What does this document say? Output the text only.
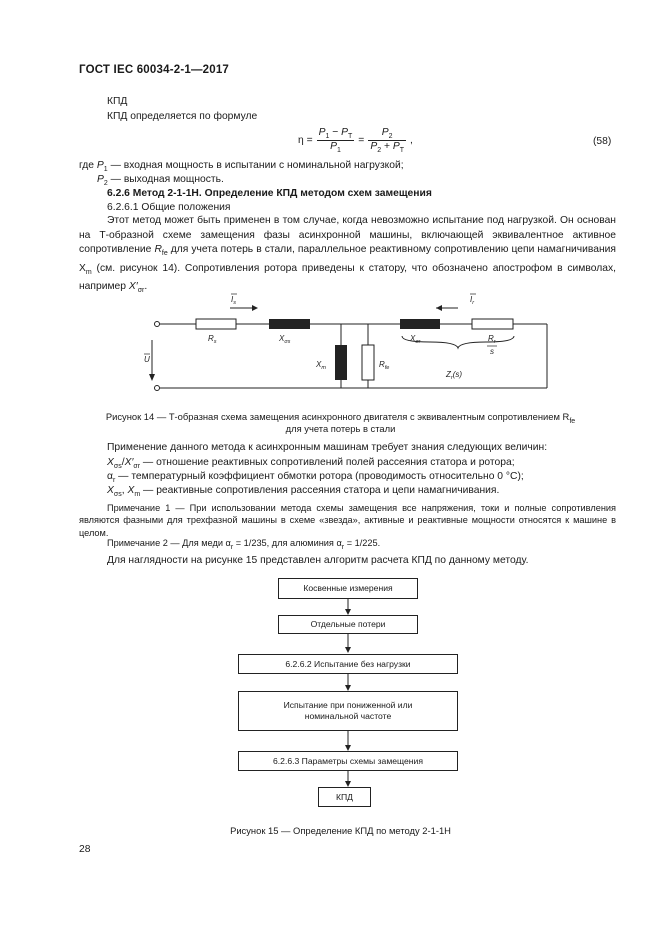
ГОСТ IEC 60034-2-1—2017
КПД
КПД определяется по формуле
$\eta = \frac{P_1 - P_T}{P_1} = \frac{P_2}{P_2 + P_T}$ ,	(58)
где $P_1$ — входная мощность в испытании с номинальной нагрузкой;
$P_2$ — выходная мощность.
6.2.6 Метод 2-1-1Н. Определение КПД методом схем замещения
6.2.6.1 Общие положения
Этот метод может быть применен в том случае, когда невозможно испытание под нагрузкой. Он основан на Т-образной схеме замещения фазы асинхронной машины, включающей эквивалентное активное сопротивление $R_{fe}$ для учета потерь в стали, параллельное реактивному сопротивлению цепи намагничивания $X_m$ (см. рисунок 14). Сопротивления ротора приведены к статору, что обозначено апострофом в символах, например $X'_{\sigma r}$.
$I_s$	$I_r$
$R_s$	$X_{\sigma s}$	$X_{\sigma r}$	$R_r$
s
$X_m$	$R_{fe}$
U
$Z_r(s)$
Рисунок 14 — Т-образная схема замещения асинхронного двигателя с эквивалентным сопротивлением $R_{fe}$
для учета потерь в стали
Применение данного метода к асинхронным машинам требует знания следующих величин:
$X_{\sigma s}/X'_{\sigma r}$ — отношение реактивных сопротивлений полей рассеяния статора и ротора;
$\alpha_r$ — температурный коэффициент обмотки ротора (проводимость относительно 0 °С);
$X_{\sigma s}$, $X_m$ — реактивные сопротивления рассеяния статора и цепи намагничивания.
Примечание 1 — При использовании метода схемы замещения все напряжения, токи и полные сопротивления являются фазными для трехфазной машины в схеме «звезда», активные и реактивные мощности относятся к машине в целом.
Примечание 2 — Для меди $\alpha_r = 1/235$, для алюминия $\alpha_r = 1/225$.
Для наглядности на рисунке 15 представлен алгоритм расчета КПД по данному методу.
Косвенные измерения
Отдельные потери
6.2.6.2 Испытание без нагрузки
Испытание при пониженной или номинальной частоте
6.2.6.3 Параметры схемы замещения
КПД
Рисунок 15 — Определение КПД по методу 2-1-1Н
28
